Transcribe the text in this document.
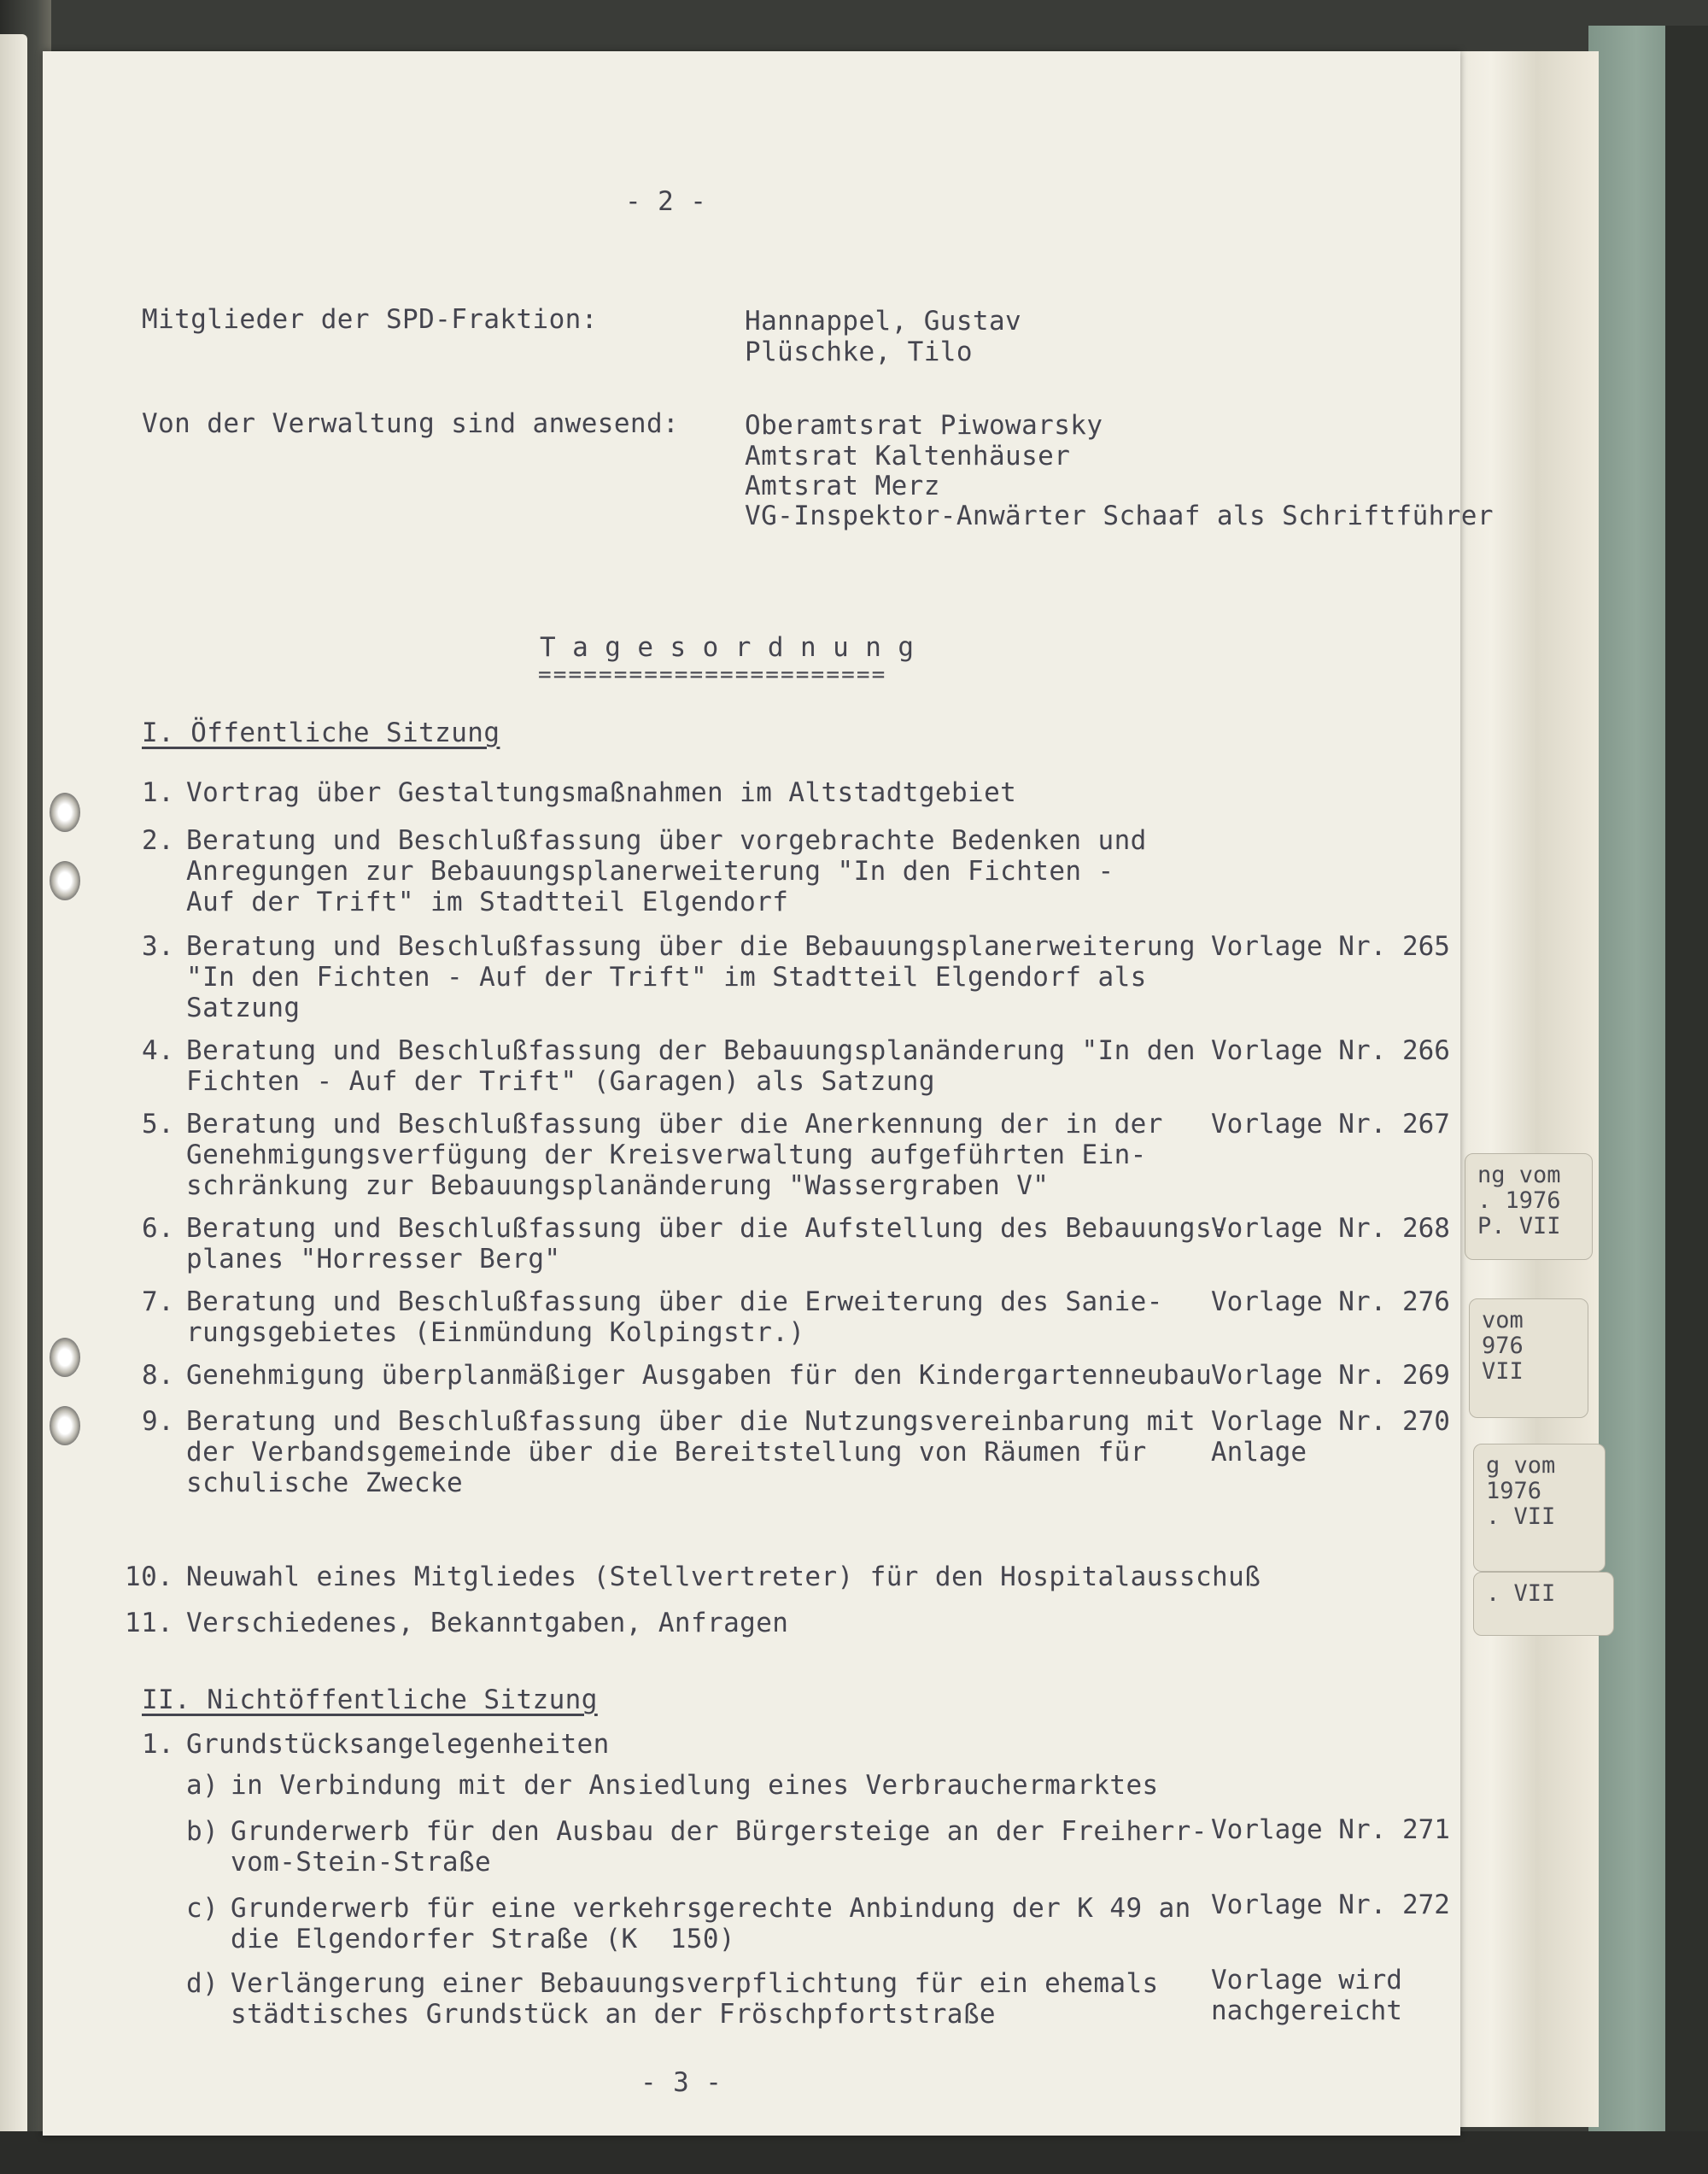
ng vom
. 1976
P. VII
vom
976
VII
g vom
1976
. VII
. VII
- 2 -
Mitglieder der SPD-Fraktion:	Hannappel, Gustav
Plüschke, Tilo
Von der Verwaltung sind anwesend: Oberamtsrat Piwowarsky
Amtsrat Kaltenhäuser
Amtsrat Merz
VG-Inspektor-Anwärter Schaaf als Schriftführer
T a g e s o r d n u n g
=======================
I. Öffentliche Sitzung
1. Vortrag über Gestaltungsmaßnahmen im Altstadtgebiet
2. Beratung und Beschlußfassung über vorgebrachte Bedenken und
Anregungen zur Bebauungsplanerweiterung "In den Fichten -
Auf der Trift" im Stadtteil Elgendorf
3. Beratung und Beschlußfassung über die Bebauungsplanerweiterung
"In den Fichten - Auf der Trift" im Stadtteil Elgendorf als
Satzung
Vorlage Nr. 265
4. Beratung und Beschlußfassung der Bebauungsplanänderung "In den
Fichten - Auf der Trift" (Garagen) als Satzung
Vorlage Nr. 266
5. Beratung und Beschlußfassung über die Anerkennung der in der
Genehmigungsverfügung der Kreisverwaltung aufgeführten Ein-
schränkung zur Bebauungsplanänderung "Wassergraben V"
Vorlage Nr. 267
6. Beratung und Beschlußfassung über die Aufstellung des Bebauungs-
planes "Horresser Berg"
Vorlage Nr. 268
7. Beratung und Beschlußfassung über die Erweiterung des Sanie-
rungsgebietes (Einmündung Kolpingstr.)
Vorlage Nr. 276
8. Genehmigung überplanmäßiger Ausgaben für den Kindergartenneubau
Vorlage Nr. 269
9. Beratung und Beschlußfassung über die Nutzungsvereinbarung mit
der Verbandsgemeinde über die Bereitstellung von Räumen für
schulische Zwecke
Vorlage Nr. 270
Anlage
10. Neuwahl eines Mitgliedes (Stellvertreter) für den Hospitalausschuß
11. Verschiedenes, Bekanntgaben, Anfragen
II. Nichtöffentliche Sitzung
1. Grundstücksangelegenheiten
a) in Verbindung mit der Ansiedlung eines Verbrauchermarktes
b) Grunderwerb für den Ausbau der Bürgersteige an der Freiherr-
vom-Stein-Straße
Vorlage Nr. 271
c) Grunderwerb für eine verkehrsgerechte Anbindung der K 49 an
die Elgendorfer Straße (K  150)
Vorlage Nr. 272
d) Verlängerung einer Bebauungsverpflichtung für ein ehemals
städtisches Grundstück an der Fröschpfortstraße
Vorlage wird
nachgereicht
- 3 -
